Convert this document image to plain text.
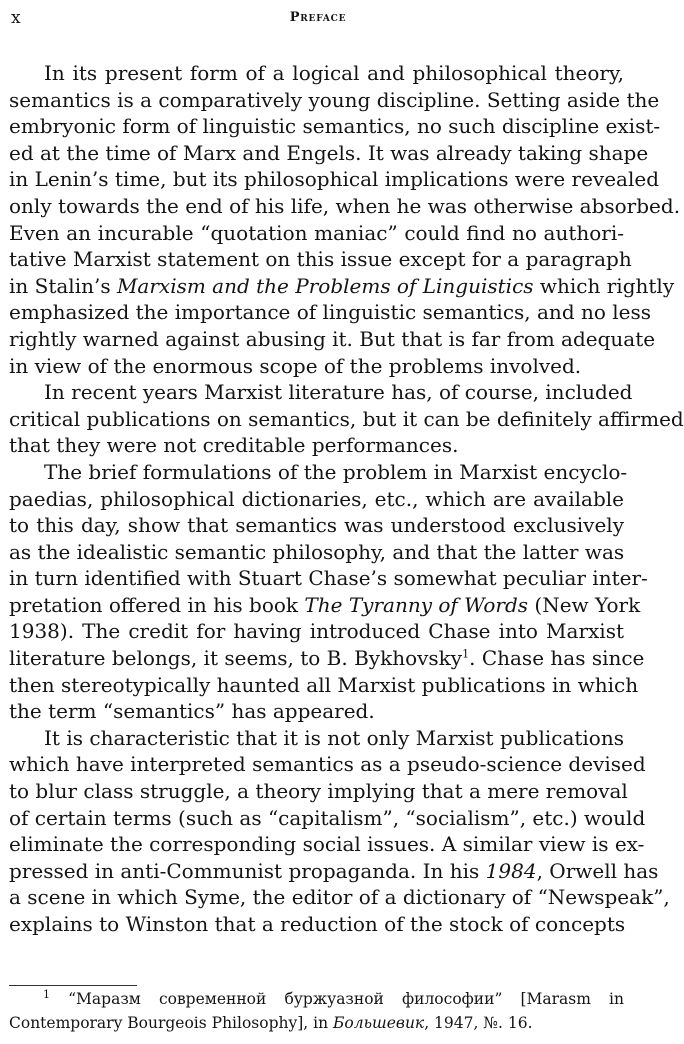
x	Preface
In its present form of a logical and philosophical theory,
semantics is a comparatively young discipline. Setting aside the
embryonic form of linguistic semantics, no such discipline exist-
ed at the time of Marx and Engels. It was already taking shape
in Lenin’s time, but its philosophical implications were revealed
only towards the end of his life, when he was otherwise absorbed.
Even an incurable “quotation maniac” could find no authori-
tative Marxist statement on this issue except for a paragraph
in Stalin’s Marxism and the Problems of Linguistics which rightly
emphasized the importance of linguistic semantics, and no less
rightly warned against abusing it. But that is far from adequate
in view of the enormous scope of the problems involved.
In recent years Marxist literature has, of course, included
critical publications on semantics, but it can be definitely affirmed
that they were not creditable performances.
The brief formulations of the problem in Marxist encyclo-
paedias, philosophical dictionaries, etc., which are available
to this day, show that semantics was understood exclusively
as the idealistic semantic philosophy, and that the latter was
in turn identified with Stuart Chase’s somewhat peculiar inter-
pretation offered in his book The Tyranny of Words (New York
1938). The credit for having introduced Chase into Marxist
literature belongs, it seems, to B. Bykhovsky$^1$. Chase has since
then stereotypically haunted all Marxist publications in which
the term “semantics” has appeared.
It is characteristic that it is not only Marxist publications
which have interpreted semantics as a pseudo-science devised
to blur class struggle, a theory implying that a mere removal
of certain terms (such as “capitalism”, “socialism”, etc.) would
eliminate the corresponding social issues. A similar view is ex-
pressed in anti-Communist propaganda. In his 1984, Orwell has
a scene in which Syme, the editor of a dictionary of “Newspeak”,
explains to Winston that a reduction of the stock of concepts
$^1$ “Маразм современной буржуазной философии” [Marasm in
Contemporary Bourgeois Philosophy], in Большевик, 1947, №. 16.
